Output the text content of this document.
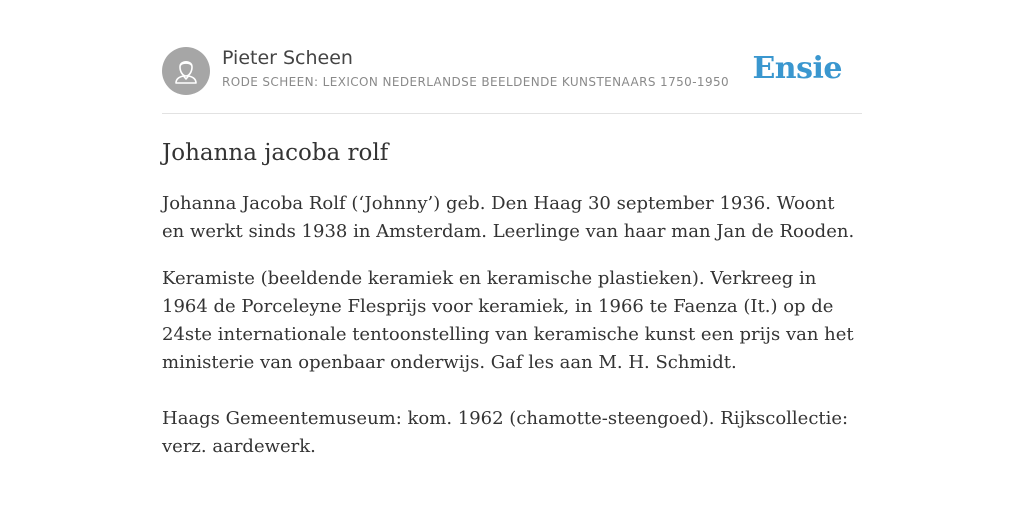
Pieter Scheen
RODE SCHEEN: LEXICON NEDERLANDSE BEELDENDE KUNSTENAARS 1750-1950 Ensie
Johanna jacoba rolf

Johanna Jacoba Rolf (‘Johnny’) geb. Den Haag 30 september 1936. Woont en werkt sinds 1938 in Amsterdam. Leerlinge van haar man Jan de Rooden.

Keramiste (beeldende keramiek en keramische plastieken). Verkreeg in 1964 de Porceleyne Flesprijs voor keramiek, in 1966 te Faenza (It.) op de 24ste internationale tentoonstelling van keramische kunst een prijs van het ministerie van openbaar onderwijs. Gaf les aan M. H. Schmidt.

Haags Gemeentemuseum: kom. 1962 (chamotte-steengoed). Rijkscollectie: verz. aardewerk.
